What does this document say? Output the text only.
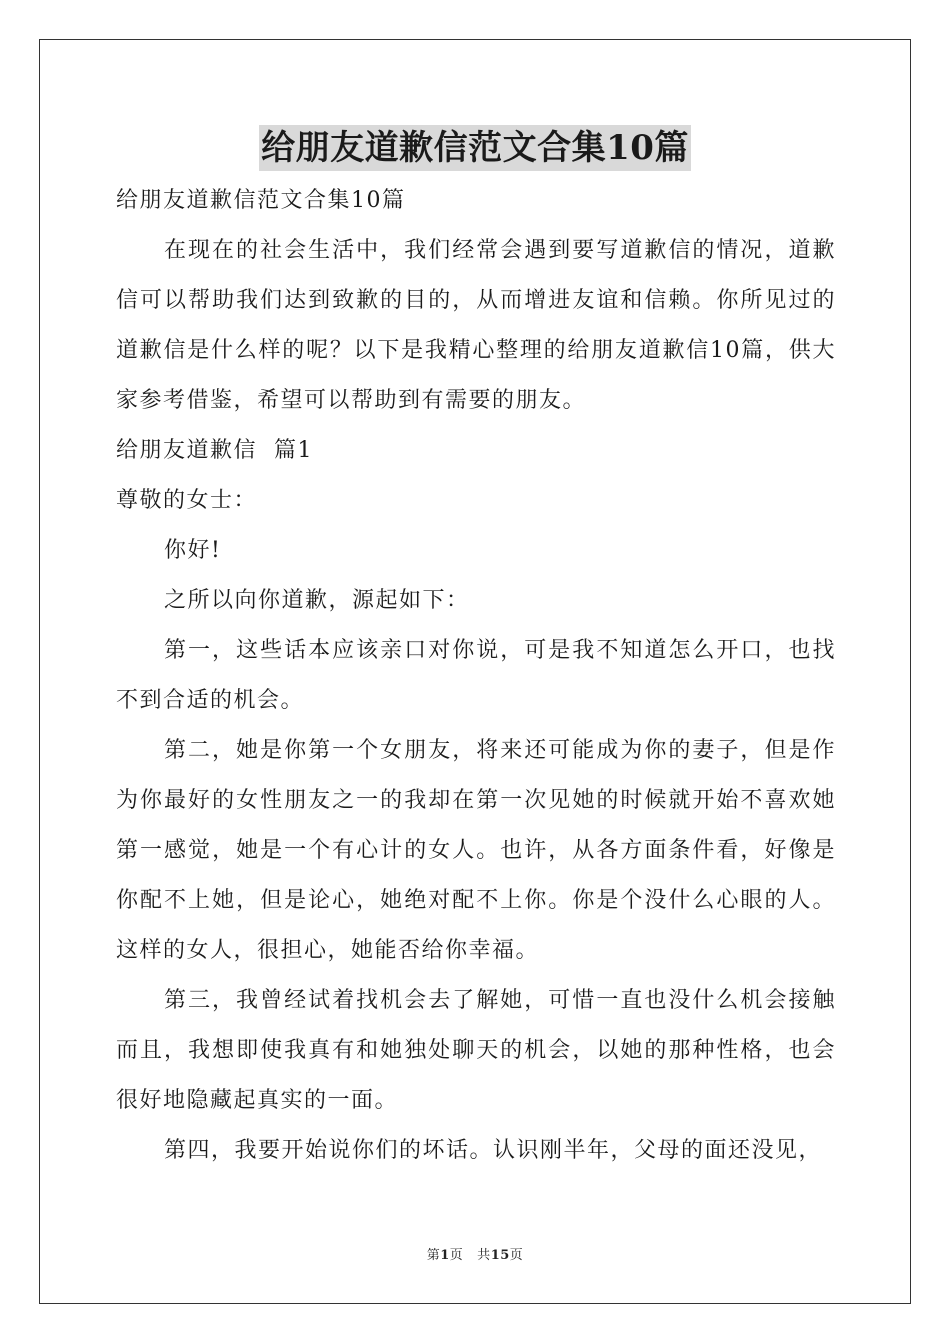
给朋友道歉信范文合集10篇

给朋友道歉信范文合集10篇

在现在的社会生活中，我们经常会遇到要写道歉信的情况，道歉信可以帮助我们达到致歉的目的，从而增进友谊和信赖。你所见过的道歉信是什么样的呢？以下是我精心整理的给朋友道歉信10篇，供大家参考借鉴，希望可以帮助到有需要的朋友。

给朋友道歉信  篇1

尊敬的女士：

你好!

之所以向你道歉，源起如下：

第一，这些话本应该亲口对你说，可是我不知道怎么开口，也找不到合适的机会。

第二，她是你第一个女朋友，将来还可能成为你的妻子，但是作为你最好的女性朋友之一的我却在第一次见她的时候就开始不喜欢她第一感觉，她是一个有心计的女人。也许，从各方面条件看，好像是你配不上她，但是论心，她绝对配不上你。你是个没什么心眼的人。这样的女人，很担心，她能否给你幸福。

第三，我曾经试着找机会去了解她，可惜一直也没什么机会接触而且，我想即使我真有和她独处聊天的机会，以她的那种性格，也会很好地隐藏起真实的一面。

第四，我要开始说你们的坏话。认识刚半年，父母的面还没见，

第1页 共15页
